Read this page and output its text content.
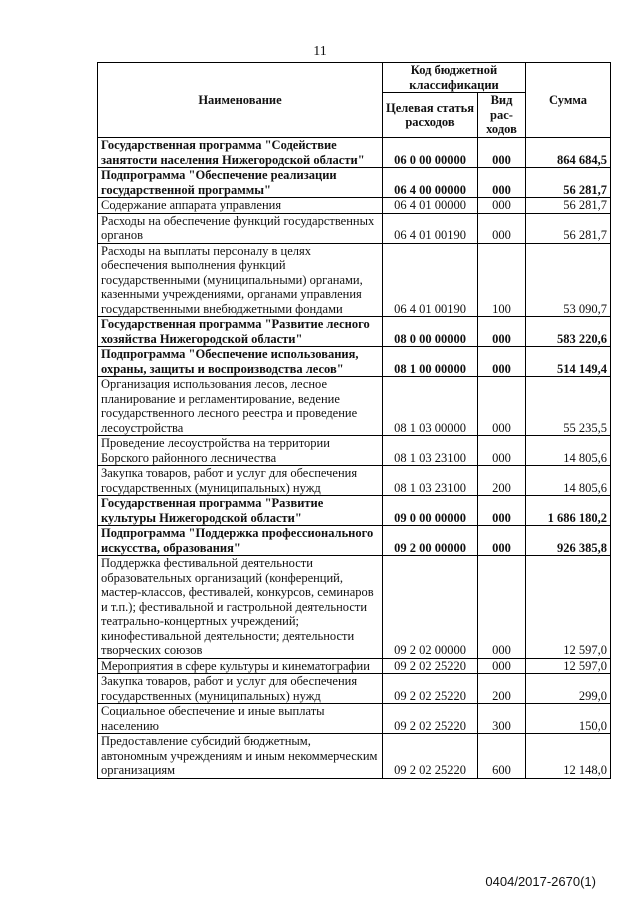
11
Наименование	Код бюджетной классификации		Сумма
	Целевая статья расходов	Вид рас-ходов	
Государственная программа "Содействие занятости населения Нижегородской области"	06 0 00 00000	000	864 684,5
Подпрограмма "Обеспечение реализации государственной программы"	06 4 00 00000	000	56 281,7
Содержание аппарата управления	06 4 01 00000	000	56 281,7
Расходы на обеспечение функций государственных органов	06 4 01 00190	000	56 281,7
Расходы на выплаты персоналу в целях обеспечения выполнения функций государственными (муниципальными) органами, казенными учреждениями, органами управления государственными внебюджетными фондами	06 4 01 00190	100	53 090,7
Государственная программа "Развитие лесного хозяйства Нижегородской области"	08 0 00 00000	000	583 220,6
Подпрограмма "Обеспечение использования, охраны, защиты и воспроизводства лесов"	08 1 00 00000	000	514 149,4
Организация использования лесов, лесное планирование и регламентирование, ведение государственного лесного реестра и проведение лесоустройства	08 1 03 00000	000	55 235,5
Проведение лесоустройства на территории Борского районного лесничества	08 1 03 23100	000	14 805,6
Закупка товаров, работ и услуг для обеспечения государственных (муниципальных) нужд	08 1 03 23100	200	14 805,6
Государственная программа "Развитие культуры Нижегородской области"	09 0 00 00000	000	1 686 180,2
Подпрограмма "Поддержка профессионального искусства, образования"	09 2 00 00000	000	926 385,8
Поддержка фестивальной деятельности образовательных организаций (конференций, мастер-классов, фестивалей, конкурсов, семинаров и т.п.); фестивальной и гастрольной деятельности театрально-концертных учреждений; кинофестивальной деятельности; деятельности творческих союзов	09 2 02 00000	000	12 597,0
Мероприятия в сфере культуры и кинематографии	09 2 02 25220	000	12 597,0
Закупка товаров, работ и услуг для обеспечения государственных (муниципальных) нужд	09 2 02 25220	200	299,0
Социальное обеспечение и иные выплаты населению	09 2 02 25220	300	150,0
Предоставление субсидий бюджетным, автономным учреждениям и иным некоммерческим организациям	09 2 02 25220	600	12 148,0
0404/2017-2670(1)
